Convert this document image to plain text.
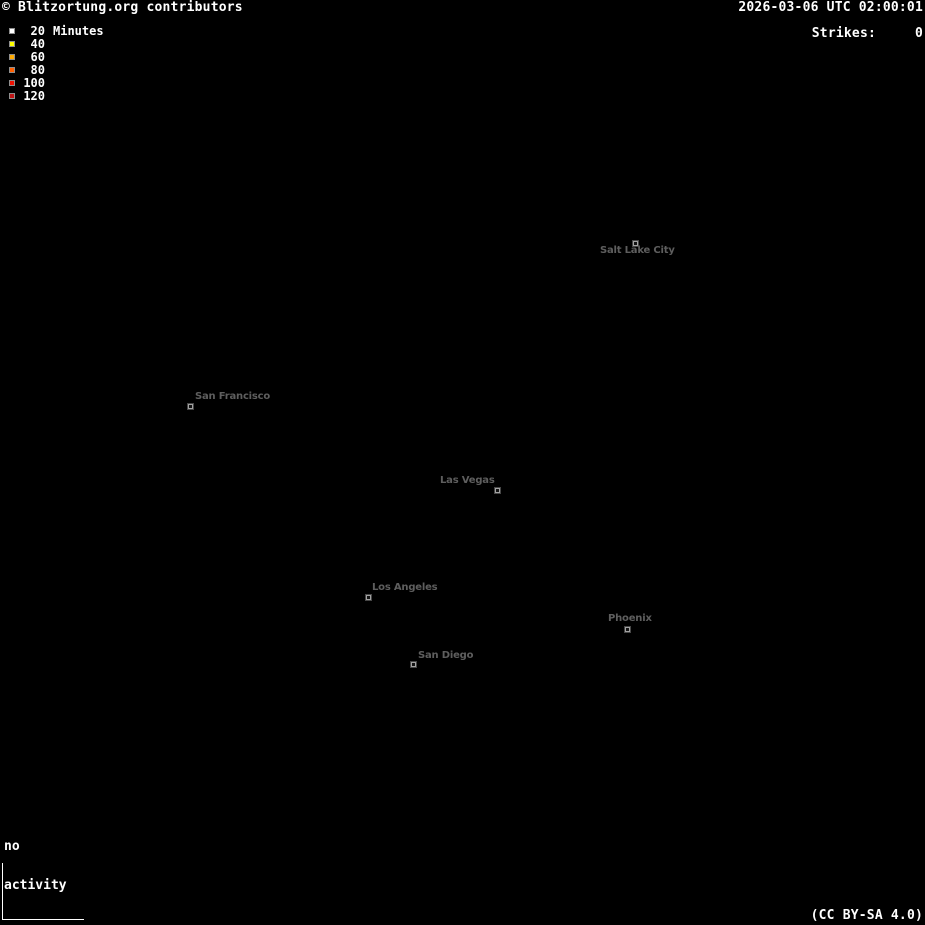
Salt Lake City
San Francisco
Las Vegas
Los Angeles
Phoenix
San Diego
© Blitzortung.org contributors	2026-03-06 UTC 02:00:01
Strikes:	0
20 Minutes
40
60
80
100
120

no

activity

(CC BY-SA 4.0)
